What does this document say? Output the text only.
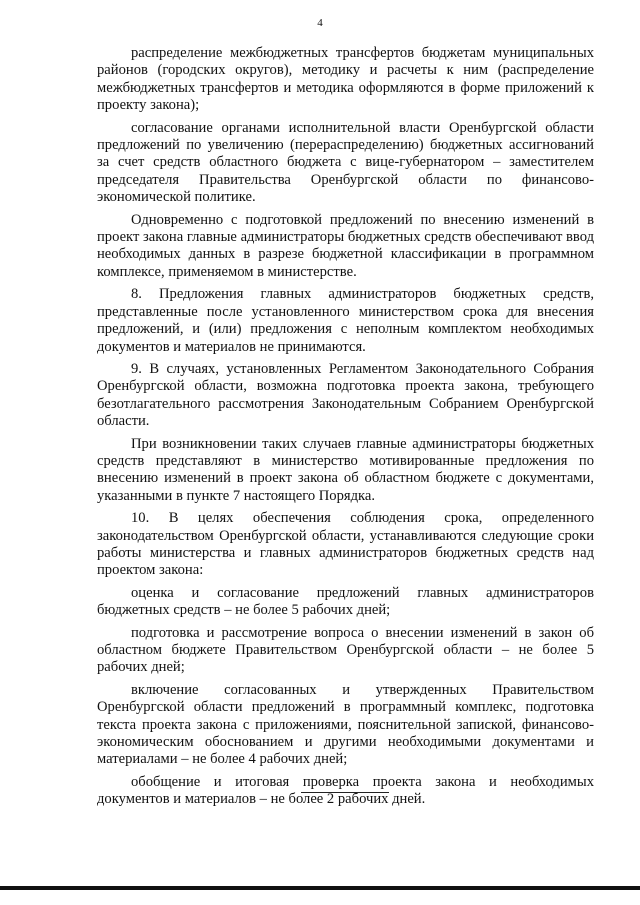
4

распределение межбюджетных трансфертов бюджетам муниципальных районов (городских округов), методику и расчеты к ним (распределение межбюджетных трансфертов и методика оформляются в форме приложений к проекту закона);

согласование органами исполнительной власти Оренбургской области предложений по увеличению (перераспределению) бюджетных ассигнований за счет средств областного бюджета с вице-губернатором – заместителем председателя Правительства Оренбургской области по финансово-экономической политике.

Одновременно с подготовкой предложений по внесению изменений в проект закона главные администраторы бюджетных средств обеспечивают ввод необходимых данных в разрезе бюджетной классификации в программном комплексе, применяемом в министерстве.

8. Предложения главных администраторов бюджетных средств, представленные после установленного министерством срока для внесения предложений, и (или) предложения с неполным комплектом необходимых документов и материалов не принимаются.

9. В случаях, установленных Регламентом Законодательного Собрания Оренбургской области, возможна подготовка проекта закона, требующего безотлагательного рассмотрения Законодательным Собранием Оренбургской области.

При возникновении таких случаев главные администраторы бюджетных средств представляют в министерство мотивированные предложения по внесению изменений в проект закона об областном бюджете с документами, указанными в пункте 7 настоящего Порядка.

10. В целях обеспечения соблюдения срока, определенного законодательством Оренбургской области, устанавливаются следующие сроки работы министерства и главных администраторов бюджетных средств над проектом закона:

оценка и согласование предложений главных администраторов бюджетных средств – не более 5 рабочих дней;

подготовка и рассмотрение вопроса о внесении изменений в закон об областном бюджете Правительством Оренбургской области – не более 5 рабочих дней;

включение согласованных и утвержденных Правительством Оренбургской области предложений в программный комплекс, подготовка текста проекта закона с приложениями, пояснительной запиской, финансово-экономическим обоснованием и другими необходимыми документами и материалами – не более 4 рабочих дней;

обобщение и итоговая проверка проекта закона и необходимых документов и материалов – не более 2 рабочих дней.
